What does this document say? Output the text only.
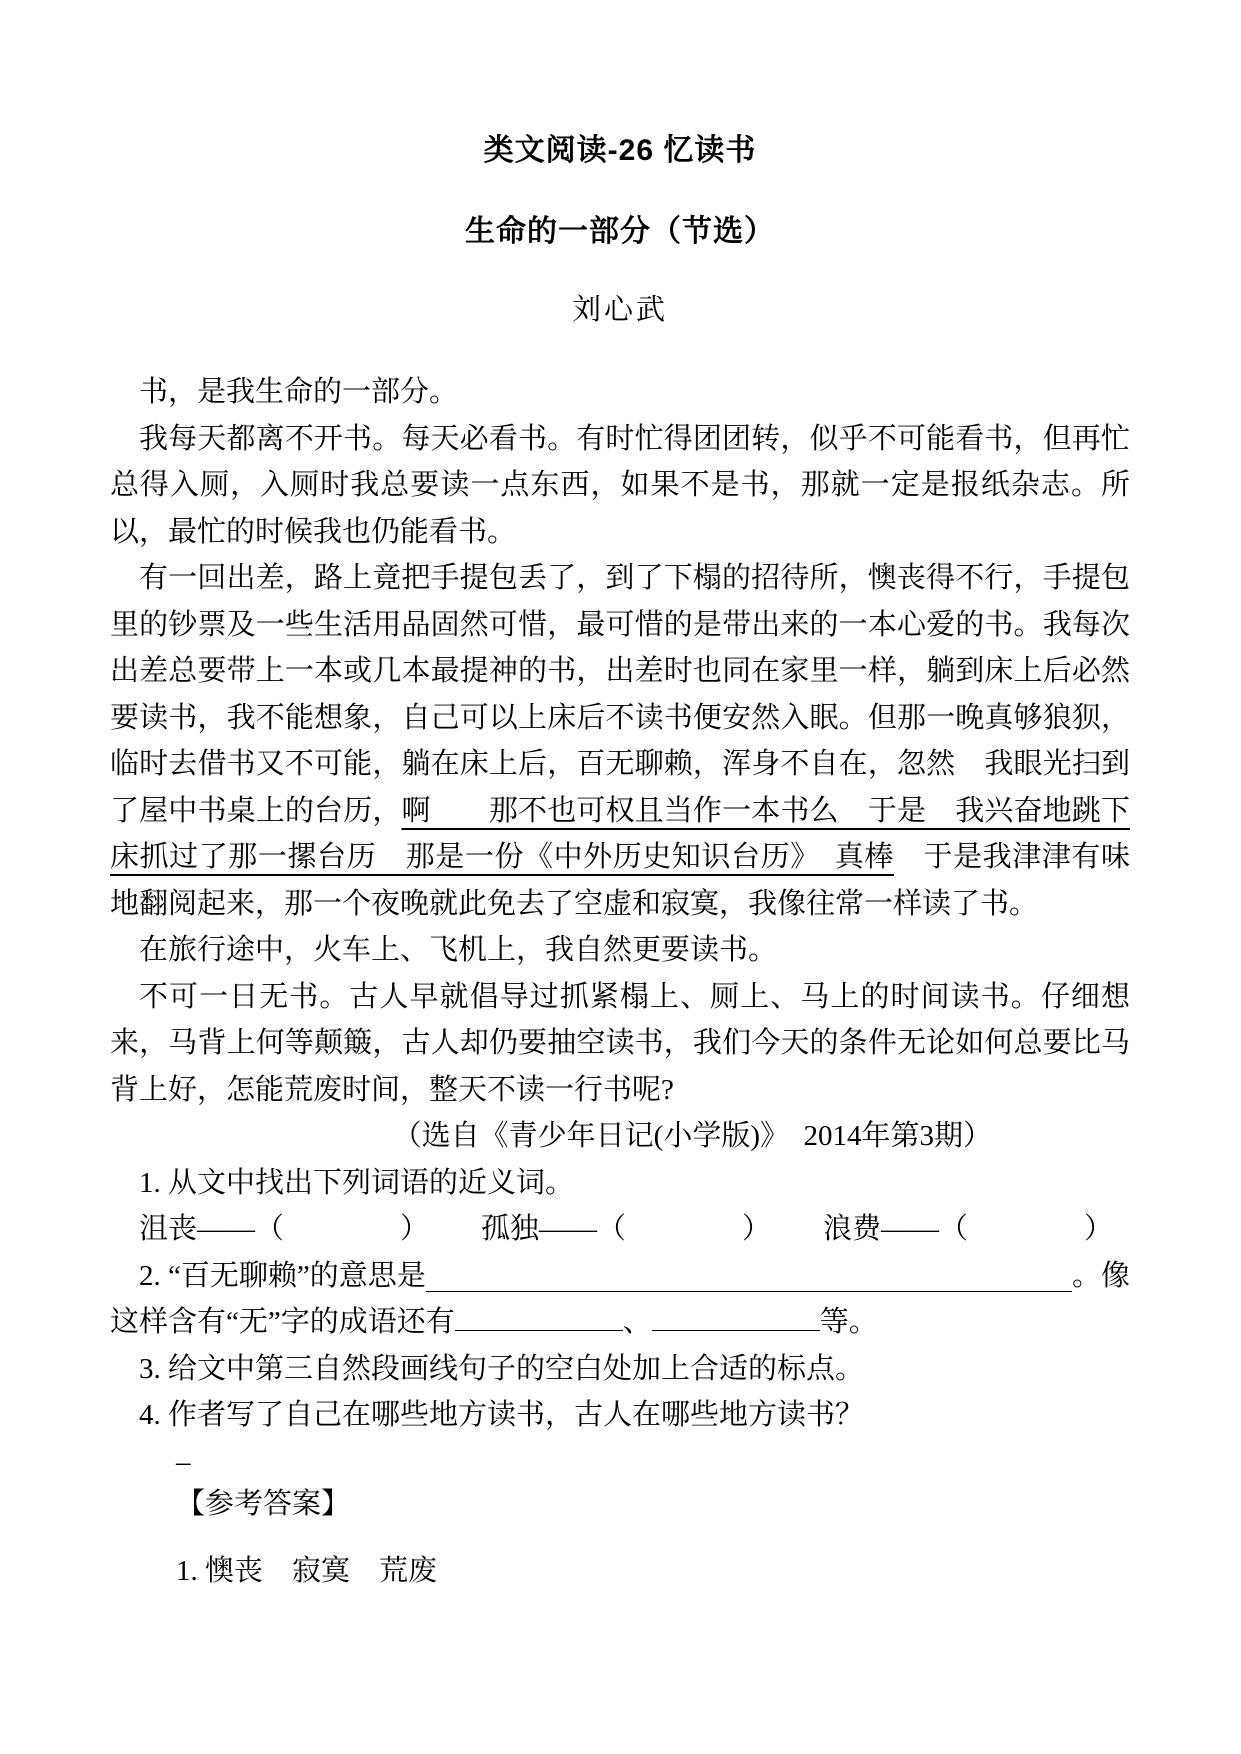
类文阅读-26 忆读书
生命的一部分（节选）
刘心武

书，是我生命的一部分。

我每天都离不开书。每天必看书。有时忙得团团转，似乎不可能看书，但再忙总得入厕，入厕时我总要读一点东西，如果不是书，那就一定是报纸杂志。所以，最忙的时候我也仍能看书。

有一回出差，路上竟把手提包丢了，到了下榻的招待所，懊丧得不行，手提包里的钞票及一些生活用品固然可惜，最可惜的是带出来的一本心爱的书。我每次出差总要带上一本或几本最提神的书，出差时也同在家里一样，躺到床上后必然要读书，我不能想象，自己可以上床后不读书便安然入眠。但那一晚真够狼狈，临时去借书又不可能，躺在床上后，百无聊赖，浑身不自在，忽然　我眼光扫到了屋中书桌上的台历，啊　　那不也可权且当作一本书么　于是　我兴奋地跳下床抓过了那一摞台历　那是一份《中外历史知识台历》　真棒　于是我津津有味地翻阅起来，那一个夜晚就此免去了空虚和寂寞，我像往常一样读了书。

在旅行途中，火车上、飞机上，我自然更要读书。

不可一日无书。古人早就倡导过抓紧榻上、厕上、马上的时间读书。仔细想来，马背上何等颠簸，古人却仍要抽空读书，我们今天的条件无论如何总要比马背上好，怎能荒废时间，整天不读一行书呢?

（选自《青少年日记(小学版)》　2014年第3期）

1. 从文中找出下列词语的近义词。
沮丧——（　　　　） 孤独——（　　　　） 浪费——（　　　　）
2. “百无聊赖”的意思是	。像
这样含有“无”字的成语还有	、	等。
3. 给文中第三自然段画线句子的空白处加上合适的标点。
4. 作者写了自己在哪些地方读书，古人在哪些地方读书？
–
【参考答案】
1. 懊丧　寂寞　荒废
